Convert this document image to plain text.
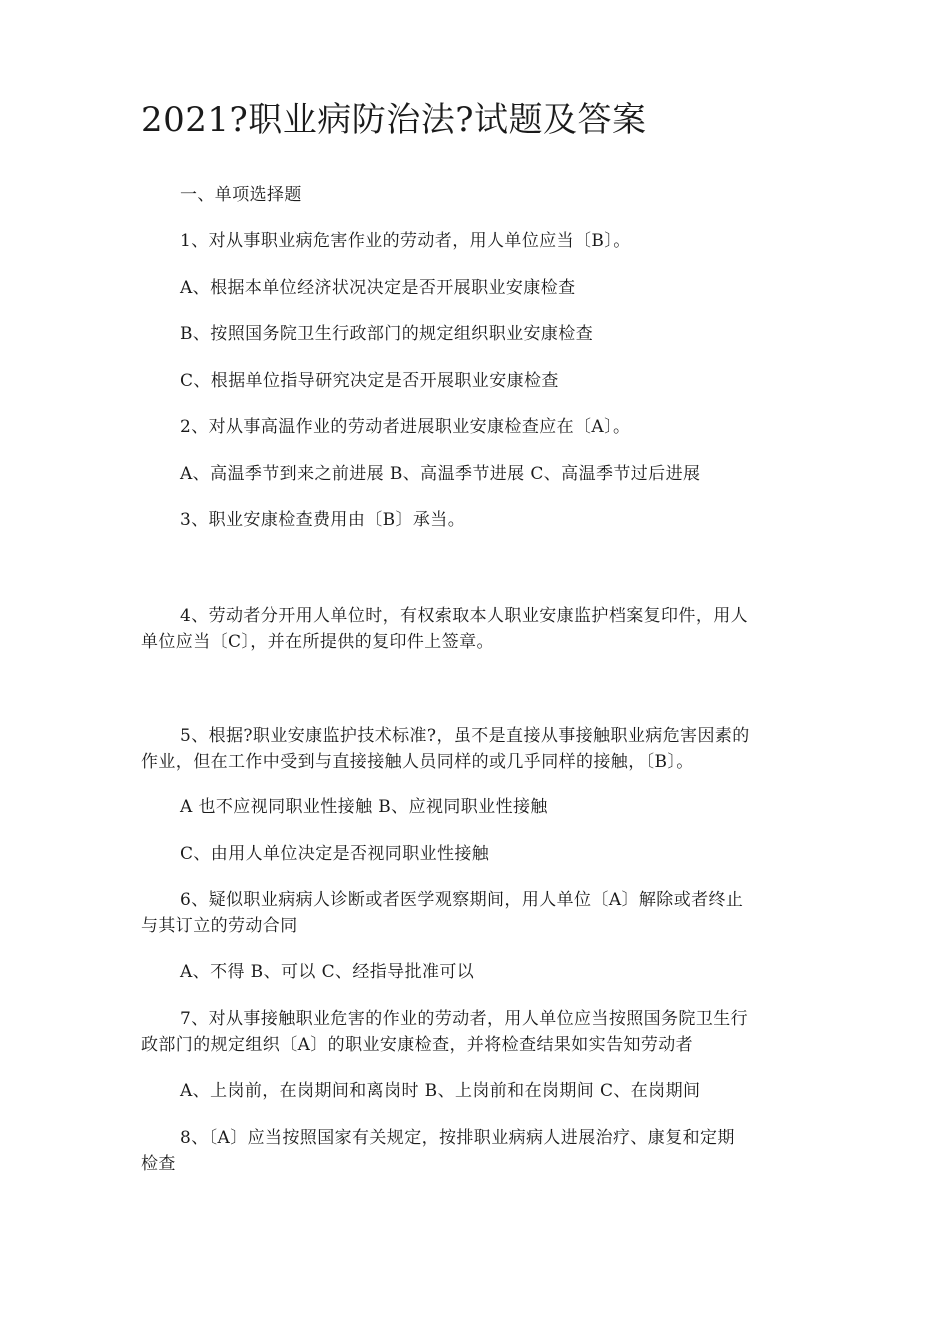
2021?职业病防治法?试题及答案
一、单项选择题
1、对从事职业病危害作业的劳动者，用人单位应当〔B〕。
A、根据本单位经济状况决定是否开展职业安康检查
B、按照国务院卫生行政部门的规定组织职业安康检查
C、根据单位指导研究决定是否开展职业安康检查
2、对从事高温作业的劳动者进展职业安康检查应在〔A〕。
A、高温季节到来之前进展 B、高温季节进展 C、高温季节过后进展
3、职业安康检查费用由〔B〕承当。
4、劳动者分开用人单位时，有权索取本人职业安康监护档案复印件，用人
单位应当〔C〕，并在所提供的复印件上签章。
5、根据?职业安康监护技术标准?，虽不是直接从事接触职业病危害因素的
作业，但在工作中受到与直接接触人员同样的或几乎同样的接触，〔B〕。
A 也不应视同职业性接触 B、应视同职业性接触
C、由用人单位决定是否视同职业性接触
6、疑似职业病病人诊断或者医学观察期间，用人单位〔A〕解除或者终止
与其订立的劳动合同
A、不得 B、可以 C、经指导批准可以
7、对从事接触职业危害的作业的劳动者，用人单位应当按照国务院卫生行
政部门的规定组织〔A〕的职业安康检查，并将检查结果如实告知劳动者
A、上岗前，在岗期间和离岗时 B、上岗前和在岗期间 C、在岗期间
8、〔A〕应当按照国家有关规定，按排职业病病人进展治疗、康复和定期
检查
